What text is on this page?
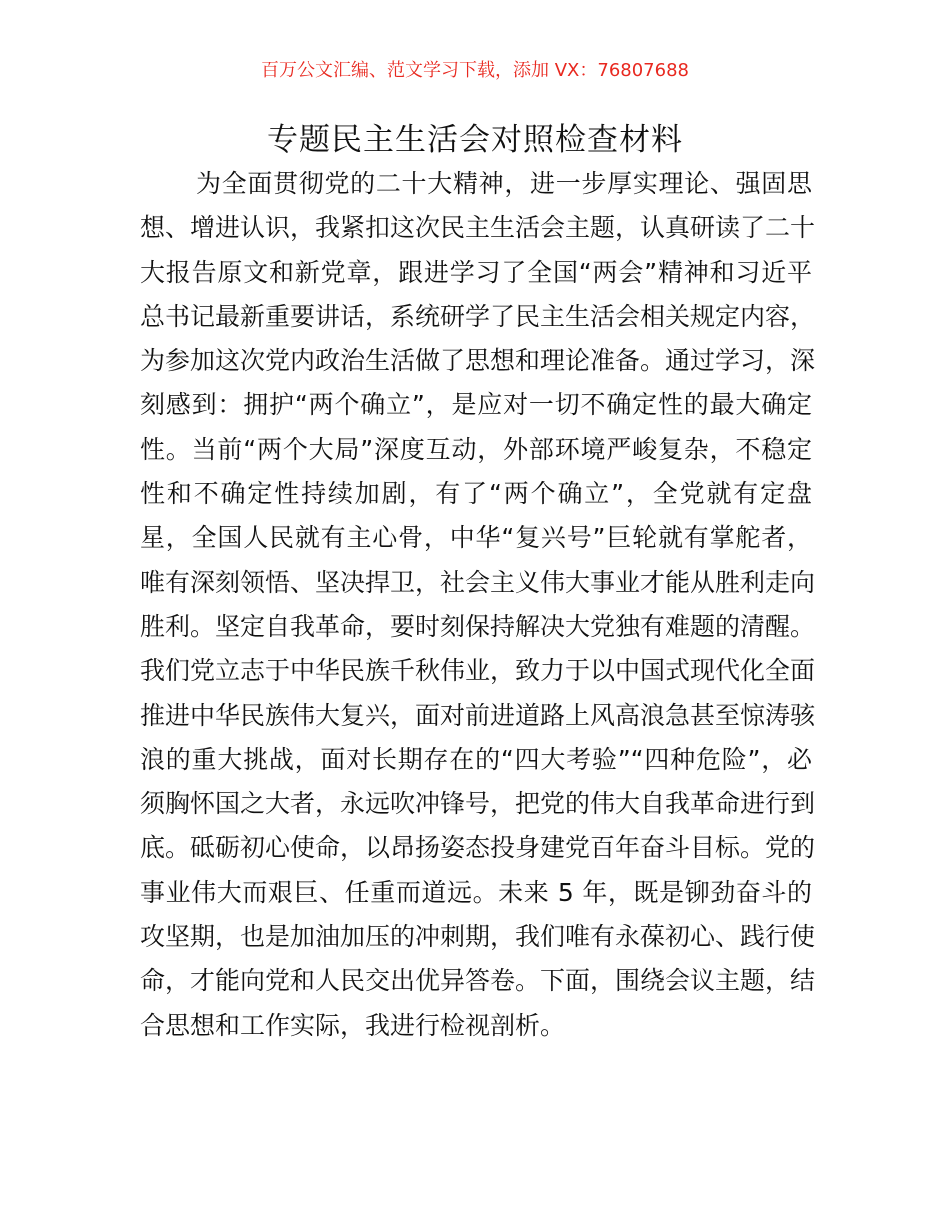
百万公文汇编、范文学习下载，添加 VX：76807688
专题民主生活会对照检查材料
为全面贯彻党的二十大精神，进一步厚实理论、强固思
想、增进认识，我紧扣这次民主生活会主题，认真研读了二十
大报告原文和新党章，跟进学习了全国“两会”精神和习近平
总书记最新重要讲话，系统研学了民主生活会相关规定内容，
为参加这次党内政治生活做了思想和理论准备。通过学习，深
刻感到：拥护“两个确立”，是应对一切不确定性的最大确定
性。当前“两个大局”深度互动，外部环境严峻复杂，不稳定
性和不确定性持续加剧，有了“两个确立”，全党就有定盘
星，全国人民就有主心骨，中华“复兴号”巨轮就有掌舵者，
唯有深刻领悟、坚决捍卫，社会主义伟大事业才能从胜利走向
胜利。坚定自我革命，要时刻保持解决大党独有难题的清醒。
我们党立志于中华民族千秋伟业，致力于以中国式现代化全面
推进中华民族伟大复兴，面对前进道路上风高浪急甚至惊涛骇
浪的重大挑战，面对长期存在的“四大考验”“四种危险”，必
须胸怀国之大者，永远吹冲锋号，把党的伟大自我革命进行到
底。砥砺初心使命，以昂扬姿态投身建党百年奋斗目标。党的
事业伟大而艰巨、任重而道远。未来 5 年，既是铆劲奋斗的
攻坚期，也是加油加压的冲刺期，我们唯有永葆初心、践行使
命，才能向党和人民交出优异答卷。下面，围绕会议主题，结
合思想和工作实际，我进行检视剖析。
